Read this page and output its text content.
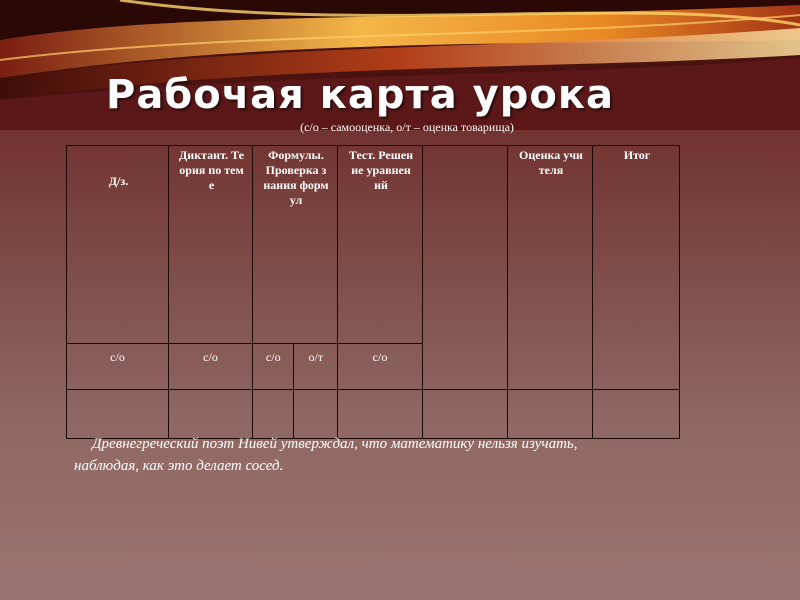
Рабочая карта урока
(с/о – самооценка, о/т – оценка товарища)
Д/з.	Диктант. Теория по теме	Формулы. Проверка знания формул		Тест. Решение уравнений		Оценка учителя	Итог
с/о	с/о	с/о	о/т	с/о			

Древнегреческий поэт Нивей утверждал, что математику нельзя изучать, наблюдая, как это делает сосед.
